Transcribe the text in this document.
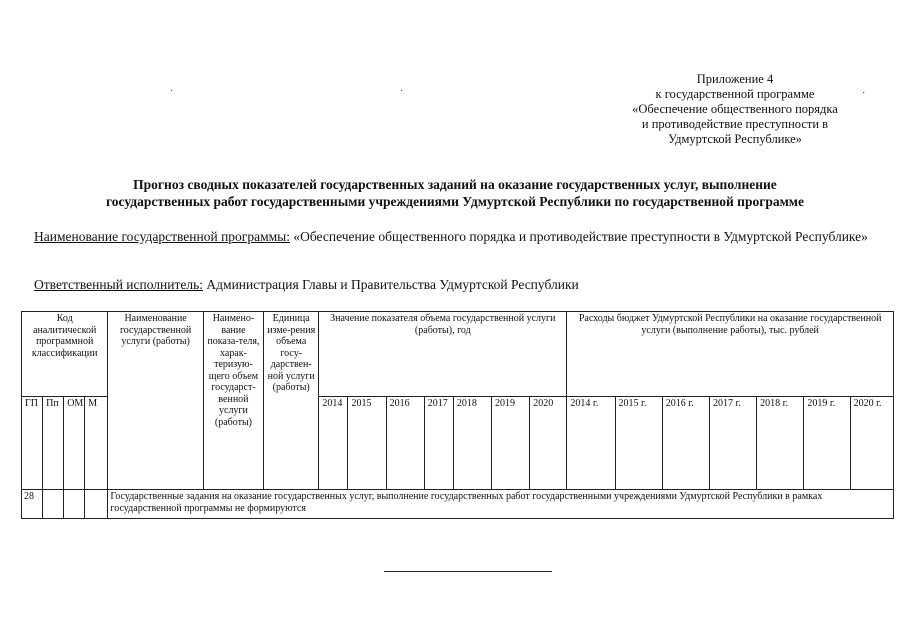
Приложение 4
к государственной программе
«Обеспечение общественного порядка
и противодействие преступности в
Удмуртской Республике»
·	·	·
Прогноз сводных показателей государственных заданий на оказание государственных услуг, выполнение
государственных работ государственными учреждениями Удмуртской Республики по государственной программе
Наименование государственной программы: «Обеспечение общественного порядка и противодействие преступности в Удмуртской Республике»
Ответственный исполнитель: Администрация Главы и Правительства Удмуртской Республики
Код аналитической программной классификации				Наименование государственной услуги (работы)	Наимено-вание показа-теля, харак-теризую-щего объем государст-венной услуги (работы)	Единица изме-рения объема госу-дарствен-ной услуги (работы)	Значение показателя объема государственной услуги (работы), год							Расходы бюджет Удмуртской Республики на оказание государственной услуги (выполнение работы), тыс. рублей						
ГП	Пп	ОМ	М				2014	2015	2016	2017	2018	2019	2020	2014 г.	2015 г.	2016 г.	2017 г.	2018 г.	2019 г.	2020 г.
28				Государственные задания на оказание государственных услуг, выполнение государственных работ государственными учреждениями Удмуртской Республики в рамках государственной программы не формируются																
